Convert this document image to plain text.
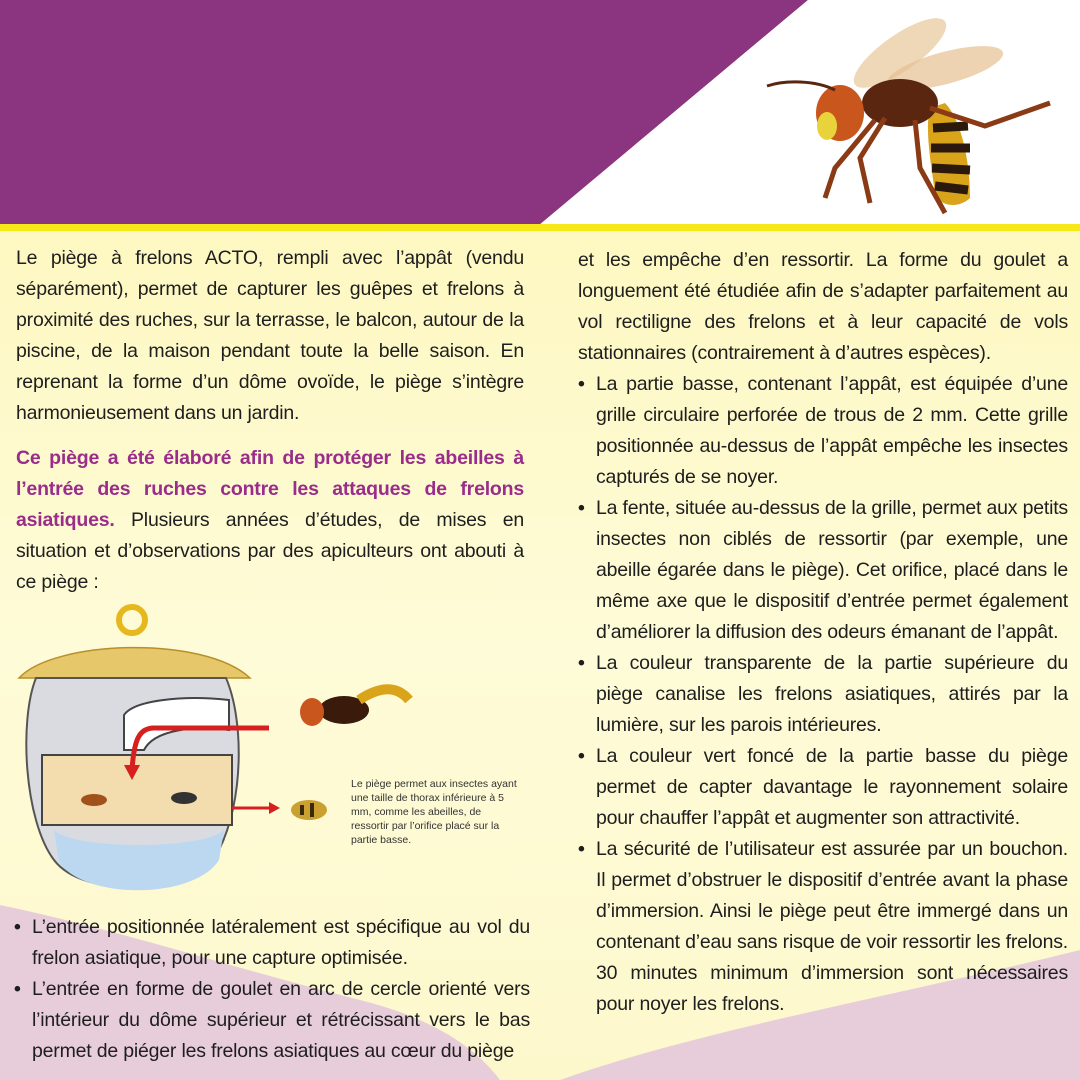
Le piège à frelons ACTO, rempli avec l’appât (vendu séparément), permet de capturer les guêpes et frelons à proximité des ruches, sur la terrasse, le balcon, autour de la piscine, de la maison pendant toute la belle saison. En reprenant la forme d’un dôme ovoïde, le piège s’intègre harmonieusement dans un jardin.

Ce piège a été élaboré afin de protéger les abeilles à l’entrée des ruches contre les attaques de frelons asiatiques. Plusieurs années d’études, de mises en situation et d’observations par des apiculteurs ont abouti à ce piège :

Le piège permet aux insectes ayant une taille de thorax inférieure à 5 mm, comme les abeilles, de ressortir par l’orifice placé sur la partie basse.

• L’entrée positionnée latéralement est spécifique au vol du frelon asiatique, pour une capture optimisée.

• L’entrée en forme de goulet en arc de cercle orienté vers l’intérieur du dôme supérieur et rétrécissant vers le bas permet de piéger les frelons asiatiques au cœur du piège

et les empêche d’en ressortir. La forme du goulet a longuement été étudiée afin de s’adapter parfaitement au vol rectiligne des frelons et à leur capacité de vols stationnaires (contrairement à d’autres espèces).

• La partie basse, contenant l’appât, est équipée d’une grille circulaire perforée de trous de 2 mm. Cette grille positionnée au-dessus de l’appât empêche les insectes capturés de se noyer.

• La fente, située au-dessus de la grille, permet aux petits insectes non ciblés de ressortir (par exemple, une abeille égarée dans le piège). Cet orifice, placé dans le même axe que le dispositif d’entrée permet également d’améliorer la diffusion des odeurs émanant de l’appât.

• La couleur transparente de la partie supérieure du piège canalise les frelons asiatiques, attirés par la lumière, sur les parois intérieures.

• La couleur vert foncé de la partie basse du piège permet de capter davantage le rayonnement solaire pour chauffer l’appât et augmenter son attractivité.

• La sécurité de l’utilisateur est assurée par un bouchon. Il permet d’obstruer le dispositif d’entrée avant la phase d’immersion. Ainsi le piège peut être immergé dans un contenant d’eau sans risque de voir ressortir les frelons. 30 minutes minimum d’immersion sont nécessaires pour noyer les frelons.
